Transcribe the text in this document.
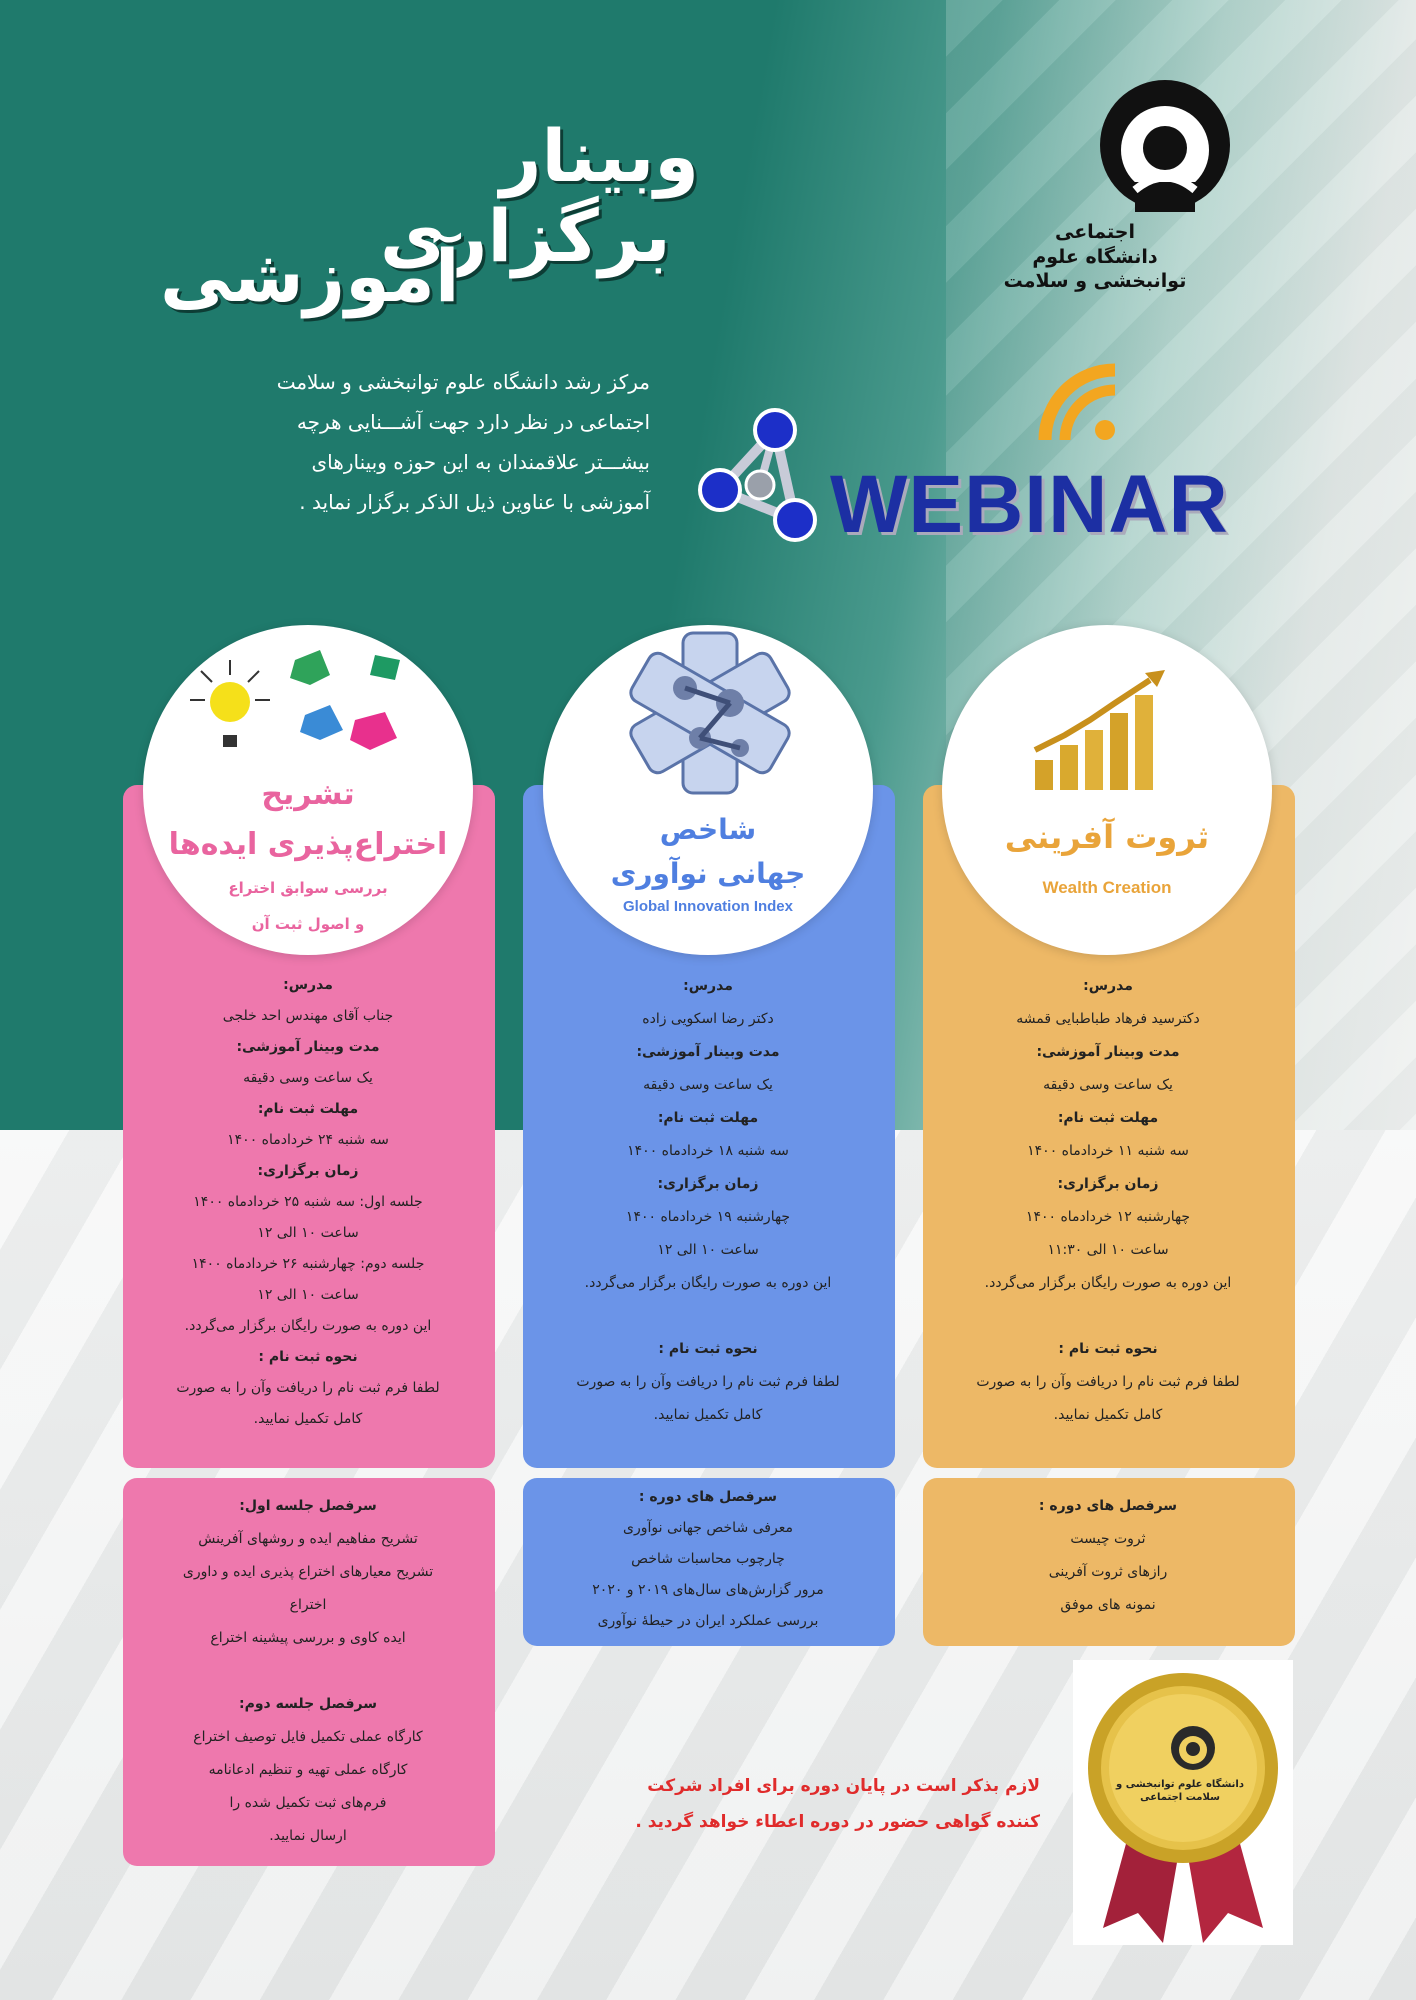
وبینار
برگزاری
آموزشی
مرکز رشد دانشگاه علوم توانبخشی و سلامت
اجتماعی در نظر دارد جهت آشـــنایی هرچه
بیشـــتر علاقمندان به این حوزه وبینارهای
آموزشی با عناوین ذیل الذکر برگزار نماید .
اجتماعی
دانشگاه علوم توانبخشی و سلامت
WEBINAR
ثروت آفرینی
Wealth Creation
مدرس:
دکترسید فرهاد طباطبایی قمشه
مدت وبینار آموزشی:
یک ساعت وسی دقیقه
مهلت ثبت نام:
سه شنبه ۱۱ خردادماه ۱۴۰۰
زمان برگزاری:
چهارشنبه ۱۲ خردادماه ۱۴۰۰
ساعت ۱۰ الی ۱۱:۳۰
این دوره به صورت رایگان برگزار می‌گردد.
نحوه ثبت نام :
لطفا فرم ثبت نام را دریافت وآن را به صورت
کامل تکمیل نمایید.
سرفصل های دوره :
ثروت چیست
رازهای ثروت آفرینی
نمونه های موفق
شاخص
جهانی نوآوری
Global Innovation Index
مدرس:
دکتر رضا اسکویی زاده
مدت وبینار آموزشی:
یک ساعت وسی دقیقه
مهلت ثبت نام:
سه شنبه ۱۸ خردادماه ۱۴۰۰
زمان برگزاری:
چهارشنبه ۱۹ خردادماه ۱۴۰۰
ساعت ۱۰ الی ۱۲
این دوره به صورت رایگان برگزار می‌گردد.
نحوه ثبت نام :
لطفا فرم ثبت نام را دریافت وآن را به صورت
کامل تکمیل نمایید.
سرفصل های دوره :
معرفی شاخص جهانی نوآوری
چارچوب محاسبات شاخص
مرور گزارش‌های سال‌های ۲۰۱۹ و ۲۰۲۰
بررسی عملکرد ایران در حیطهٔ نوآوری
تشریح
اختراع‌پذیری ایده‌ها
بررسی سوابق اختراع
و اصول ثبت آن
مدرس:
جناب آقای مهندس احد خلجی
مدت وبینار آموزشی:
یک ساعت وسی دقیقه
مهلت ثبت نام:
سه شنبه ۲۴ خردادماه ۱۴۰۰
زمان برگزاری:
جلسه اول: سه شنبه ۲۵ خردادماه ۱۴۰۰
ساعت ۱۰ الی ۱۲
جلسه دوم: چهارشنبه ۲۶ خردادماه ۱۴۰۰
ساعت ۱۰ الی ۱۲
این دوره به صورت رایگان برگزار می‌گردد.
نحوه ثبت نام :
لطفا فرم ثبت نام را دریافت وآن را به صورت
کامل تکمیل نمایید.
سرفصل جلسه اول:
تشریح مفاهیم ایده و روشهای آفرینش
تشریح معیارهای اختراع پذیری ایده و داوری
اختراع
ایده کاوی و بررسی پیشینه اختراع
سرفصل جلسه دوم:
کارگاه عملی تکمیل فایل توصیف اختراع
کارگاه عملی تهیه و تنظیم ادعانامه
فرم‌های ثبت تکمیل شده را
ارسال نمایید.
لازم بذکر است در پایان دوره برای افراد شرکت
کننده گواهی حضور در دوره اعطاء خواهد گردید .
دانشگاه علوم توانبخشی و سلامت اجتماعی
